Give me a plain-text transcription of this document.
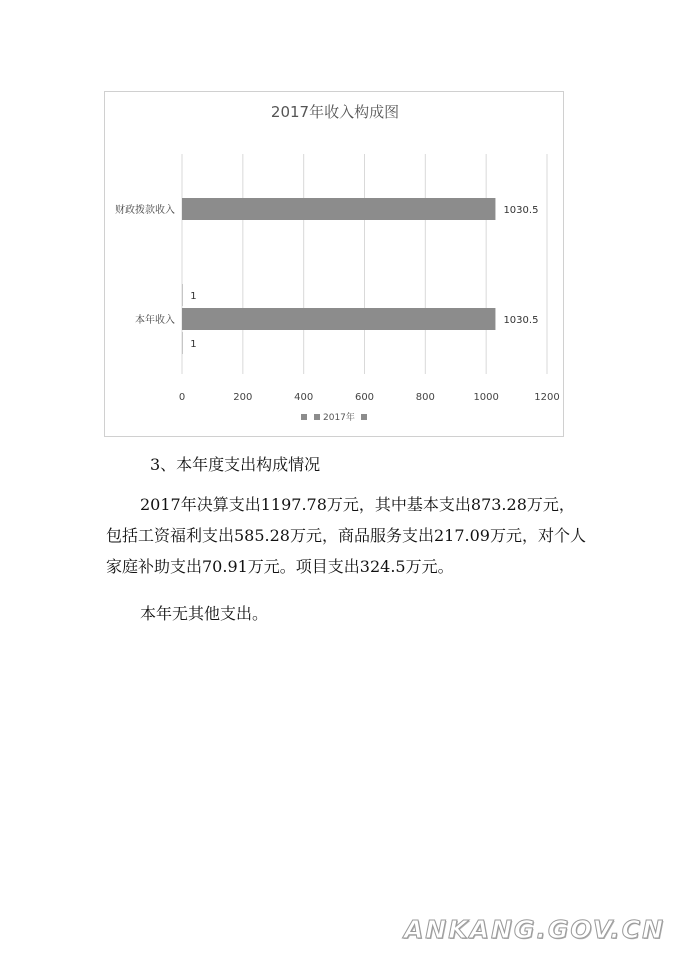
2017年收入构成图
0	200	400	600	800	1000	1200
财政拨款收入	1030.5
本年收入
1
1030.5
1
2017年
3、本年度支出构成情况

2017年决算支出1197.78万元，其中基本支出873.28万元，包括工资福利支出585.28万元，商品服务支出217.09万元，对个人家庭补助支出70.91万元。项目支出324.5万元。

本年无其他支出。

ANKANG.GOV.CN
